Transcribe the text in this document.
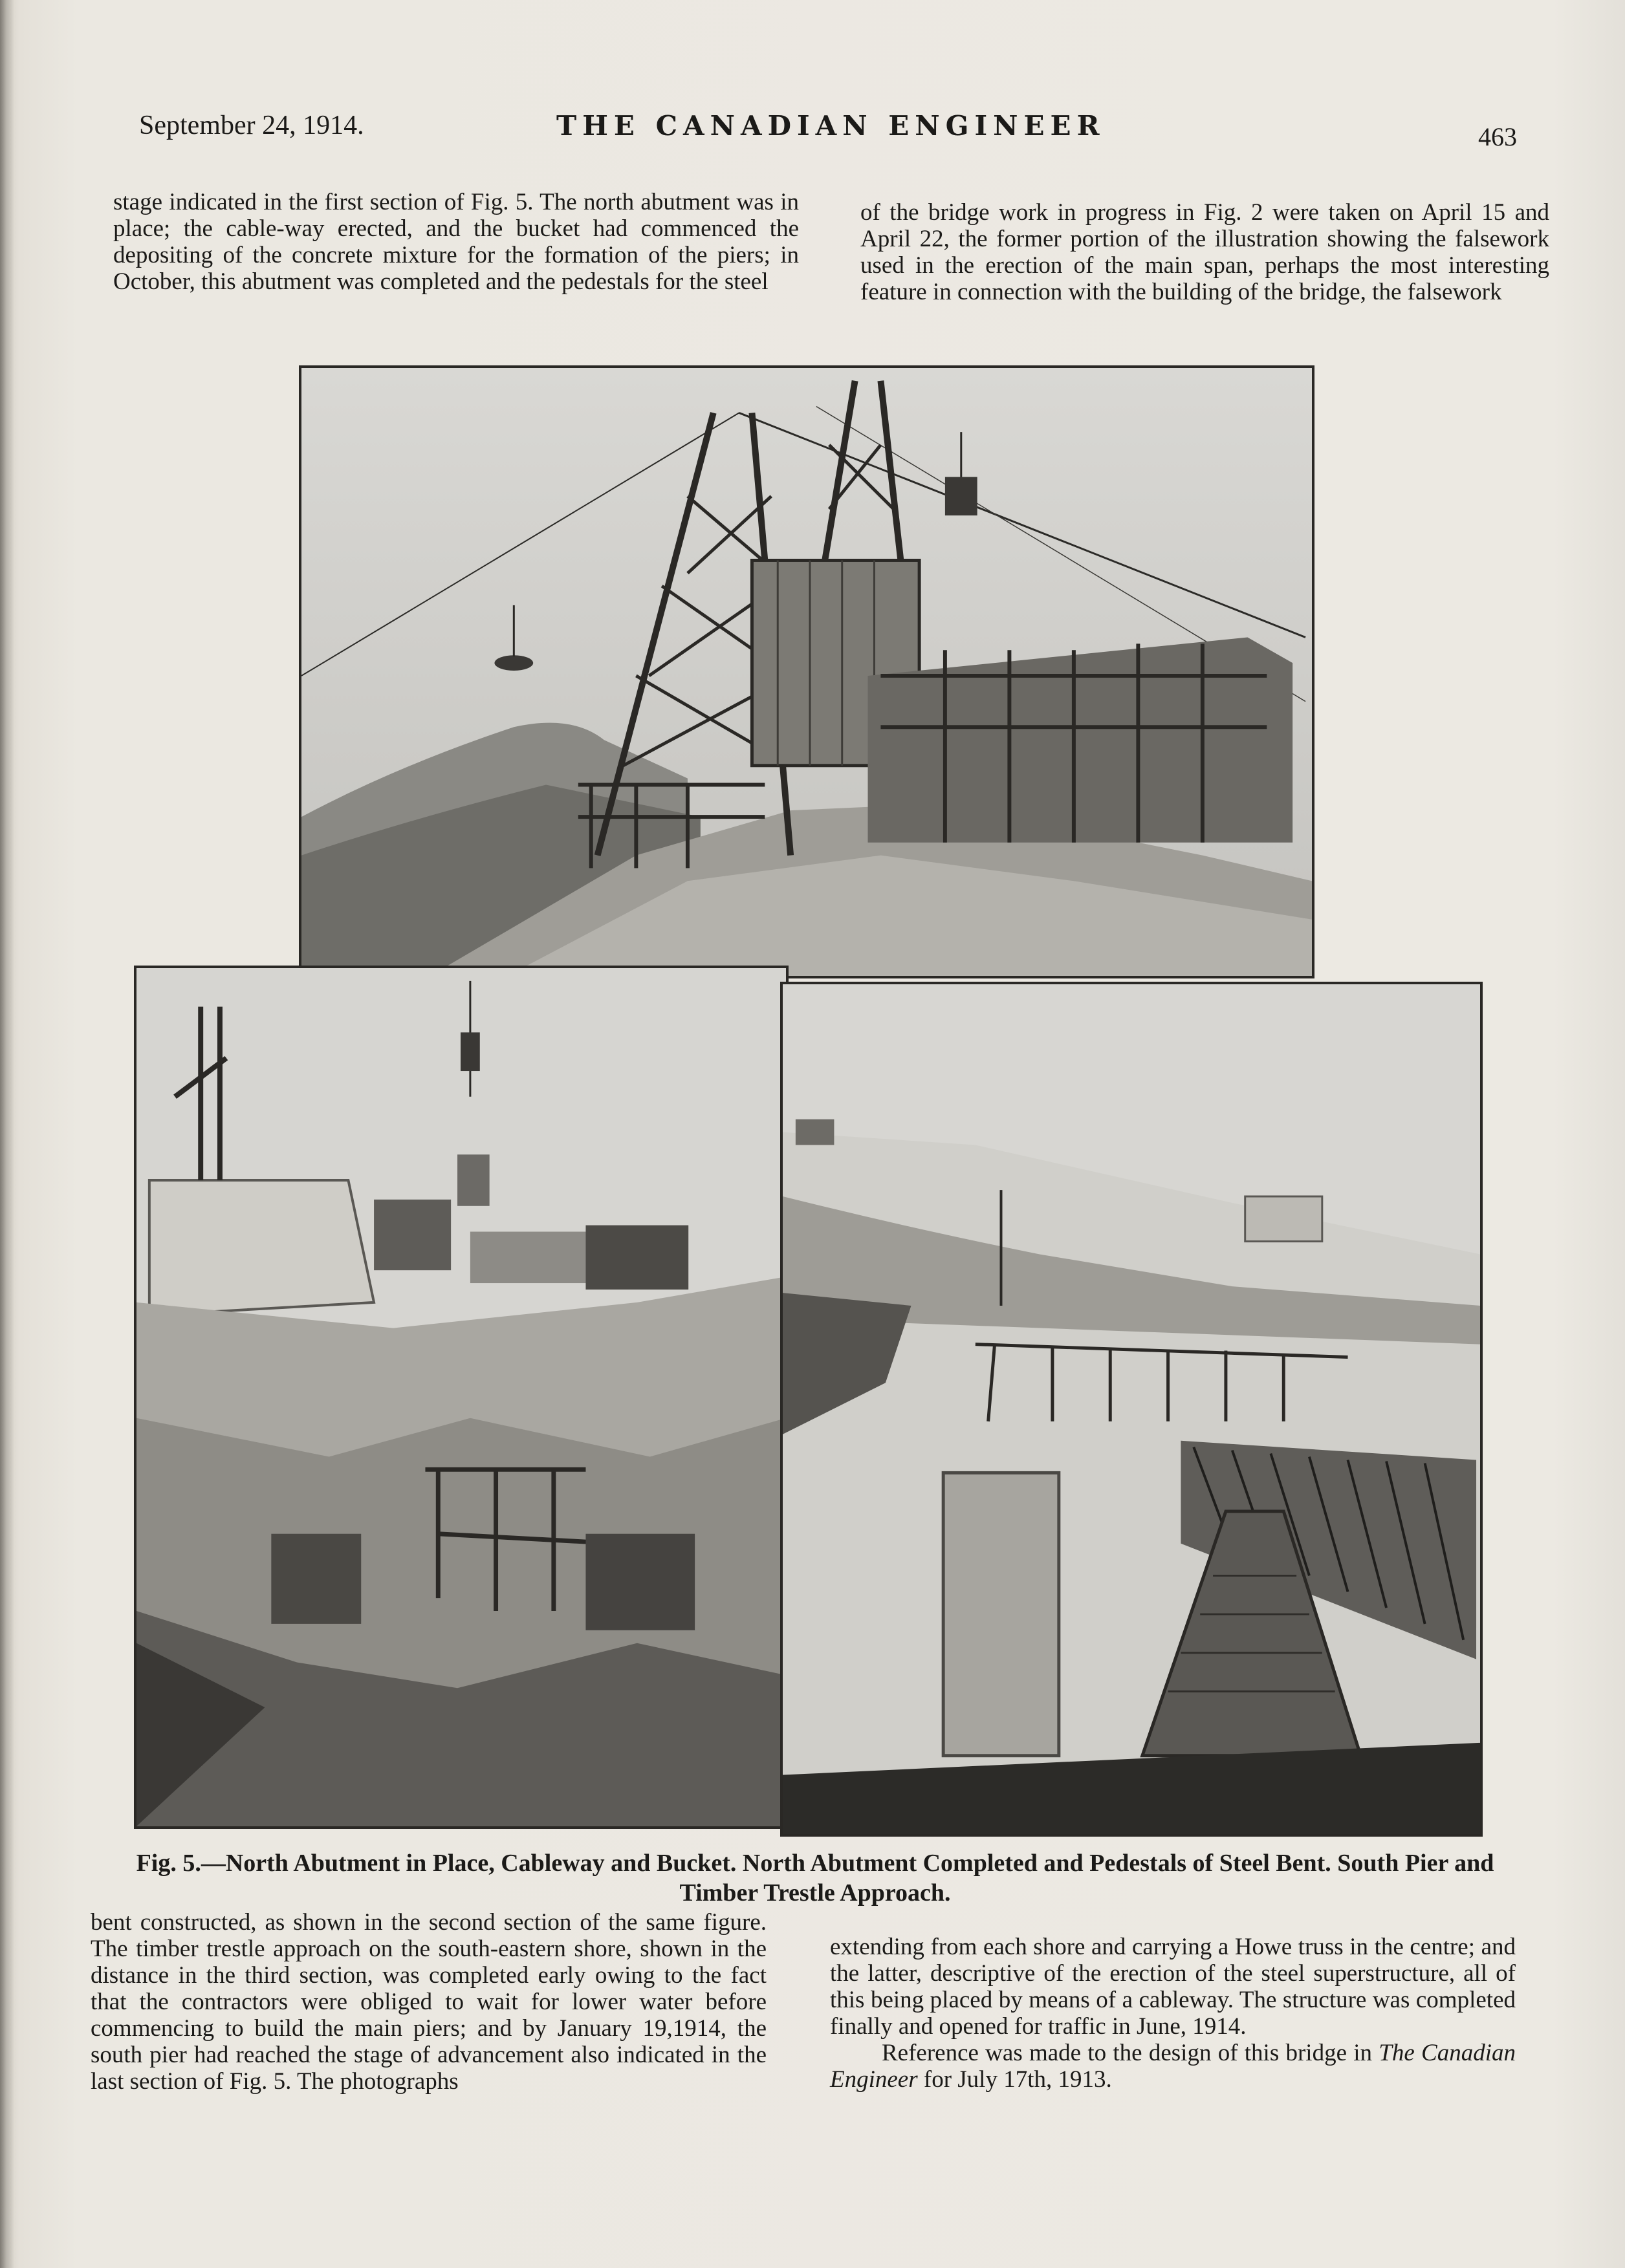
September 24, 1914.	THE CANADIAN ENGINEER	463

stage indicated in the first section of Fig. 5. The north abutment was in place; the cable-way erected, and the bucket had commenced the depositing of the concrete mixture for the formation of the piers; in October, this abutment was completed and the pedestals for the steel

of the bridge work in progress in Fig. 2 were taken on April 15 and April 22, the former portion of the illustration showing the falsework used in the erection of the main span, perhaps the most interesting feature in connection with the building of the bridge, the falsework

Fig. 5.—North Abutment in Place, Cableway and Bucket. North Abutment Completed and Pedestals of Steel Bent. South Pier and Timber Trestle Approach.

bent constructed, as shown in the second section of the same figure. The timber trestle approach on the south-eastern shore, shown in the distance in the third section, was completed early owing to the fact that the contractors were obliged to wait for lower water before commencing to build the main piers; and by January 19,1914, the south pier had reached the stage of advancement also indicated in the last section of Fig. 5. The photographs

extending from each shore and carrying a Howe truss in the centre; and the latter, descriptive of the erection of the steel superstructure, all of this being placed by means of a cableway. The structure was completed finally and opened for traffic in June, 1914.

Reference was made to the design of this bridge in The Canadian Engineer for July 17th, 1913.
